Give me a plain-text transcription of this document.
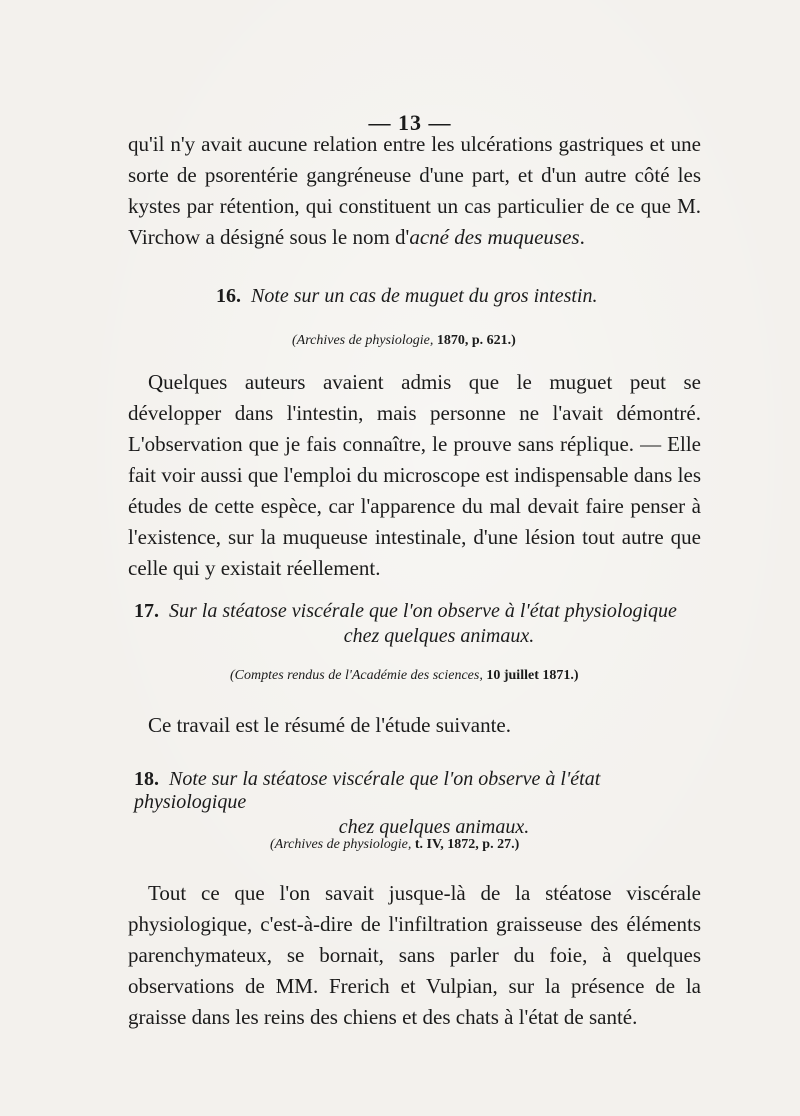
— 13 —

qu'il n'y avait aucune relation entre les ulcérations gastriques et une sorte de psorentérie gangréneuse d'une part, et d'un autre côté les kystes par rétention, qui constituent un cas particulier de ce que M. Virchow a désigné sous le nom d'acné des muqueuses.

16. Note sur un cas de muguet du gros intestin.
(Archives de physiologie, 1870, p. 621.)

Quelques auteurs avaient admis que le muguet peut se développer dans l'intestin, mais personne ne l'avait démontré. L'observation que je fais connaître, le prouve sans réplique. — Elle fait voir aussi que l'emploi du microscope est indispensable dans les études de cette espèce, car l'apparence du mal devait faire penser à l'existence, sur la muqueuse intestinale, d'une lésion tout autre que celle qui y existait réellement.

17. Sur la stéatose viscérale que l'on observe à l'état physiologique
chez quelques animaux.
(Comptes rendus de l'Académie des sciences, 10 juillet 1871.)

Ce travail est le résumé de l'étude suivante.

18. Note sur la stéatose viscérale que l'on observe à l'état physiologique
chez quelques animaux.
(Archives de physiologie, t. IV, 1872, p. 27.)

Tout ce que l'on savait jusque-là de la stéatose viscérale physiologique, c'est-à-dire de l'infiltration graisseuse des éléments parenchymateux, se bornait, sans parler du foie, à quelques observations de MM. Frerich et Vulpian, sur la présence de la graisse dans les reins des chiens et des chats à l'état de santé.
